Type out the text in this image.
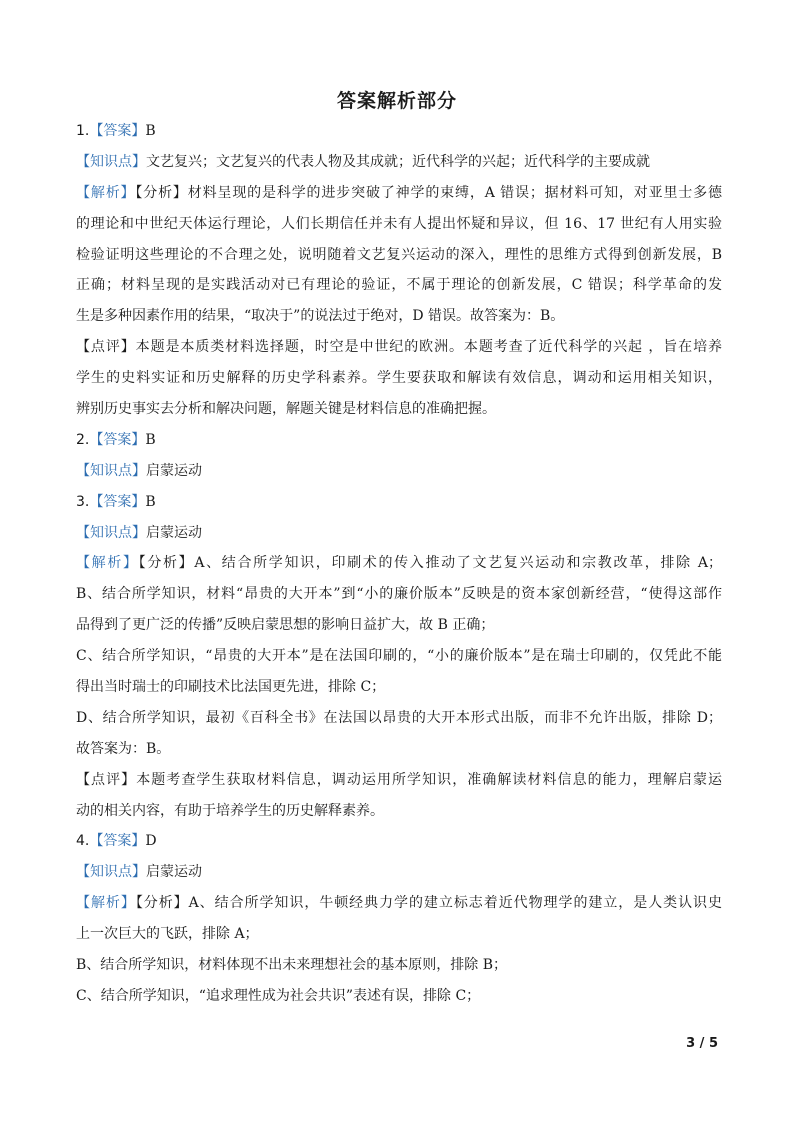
答案解析部分
1.【答案】B
【知识点】文艺复兴；文艺复兴的代表人物及其成就；近代科学的兴起；近代科学的主要成就
【解析】【分析】材料呈现的是科学的进步突破了神学的束缚，A 错误；据材料可知，对亚里士多德
的理论和中世纪天体运行理论，人们长期信任并未有人提出怀疑和异议，但 16、17 世纪有人用实验
检验证明这些理论的不合理之处，说明随着文艺复兴运动的深入，理性的思维方式得到创新发展，B
正确；材料呈现的是实践活动对已有理论的验证，不属于理论的创新发展，C 错误；科学革命的发
生是多种因素作用的结果，“取决于”的说法过于绝对，D 错误。故答案为：B。
【点评】本题是本质类材料选择题，时空是中世纪的欧洲。本题考查了近代科学的兴起 ，旨在培养
学生的史料实证和历史解释的历史学科素养。学生要获取和解读有效信息，调动和运用相关知识，
辨别历史事实去分析和解决问题，解题关键是材料信息的准确把握。
2.【答案】B
【知识点】启蒙运动
3.【答案】B
【知识点】启蒙运动
【解析】【分析】A、结合所学知识，印刷术的传入推动了文艺复兴运动和宗教改革，排除 A；
B、结合所学知识，材料“昂贵的大开本”到“小的廉价版本”反映是的资本家创新经营，“使得这部作
品得到了更广泛的传播”反映启蒙思想的影响日益扩大，故 B 正确；
C、结合所学知识，“昂贵的大开本”是在法国印刷的，“小的廉价版本”是在瑞士印刷的，仅凭此不能
得出当时瑞士的印刷技术比法国更先进，排除 C；
D、结合所学知识，最初《百科全书》在法国以昂贵的大开本形式出版，而非不允许出版，排除 D；
故答案为：B。
【点评】本题考查学生获取材料信息，调动运用所学知识，准确解读材料信息的能力，理解启蒙运
动的相关内容，有助于培养学生的历史解释素养。
4.【答案】D
【知识点】启蒙运动
【解析】【分析】A、结合所学知识，牛顿经典力学的建立标志着近代物理学的建立，是人类认识史
上一次巨大的飞跃，排除 A；
B、结合所学知识，材料体现不出未来理想社会的基本原则，排除 B；
C、结合所学知识，“追求理性成为社会共识”表述有误，排除 C；
3 / 5
